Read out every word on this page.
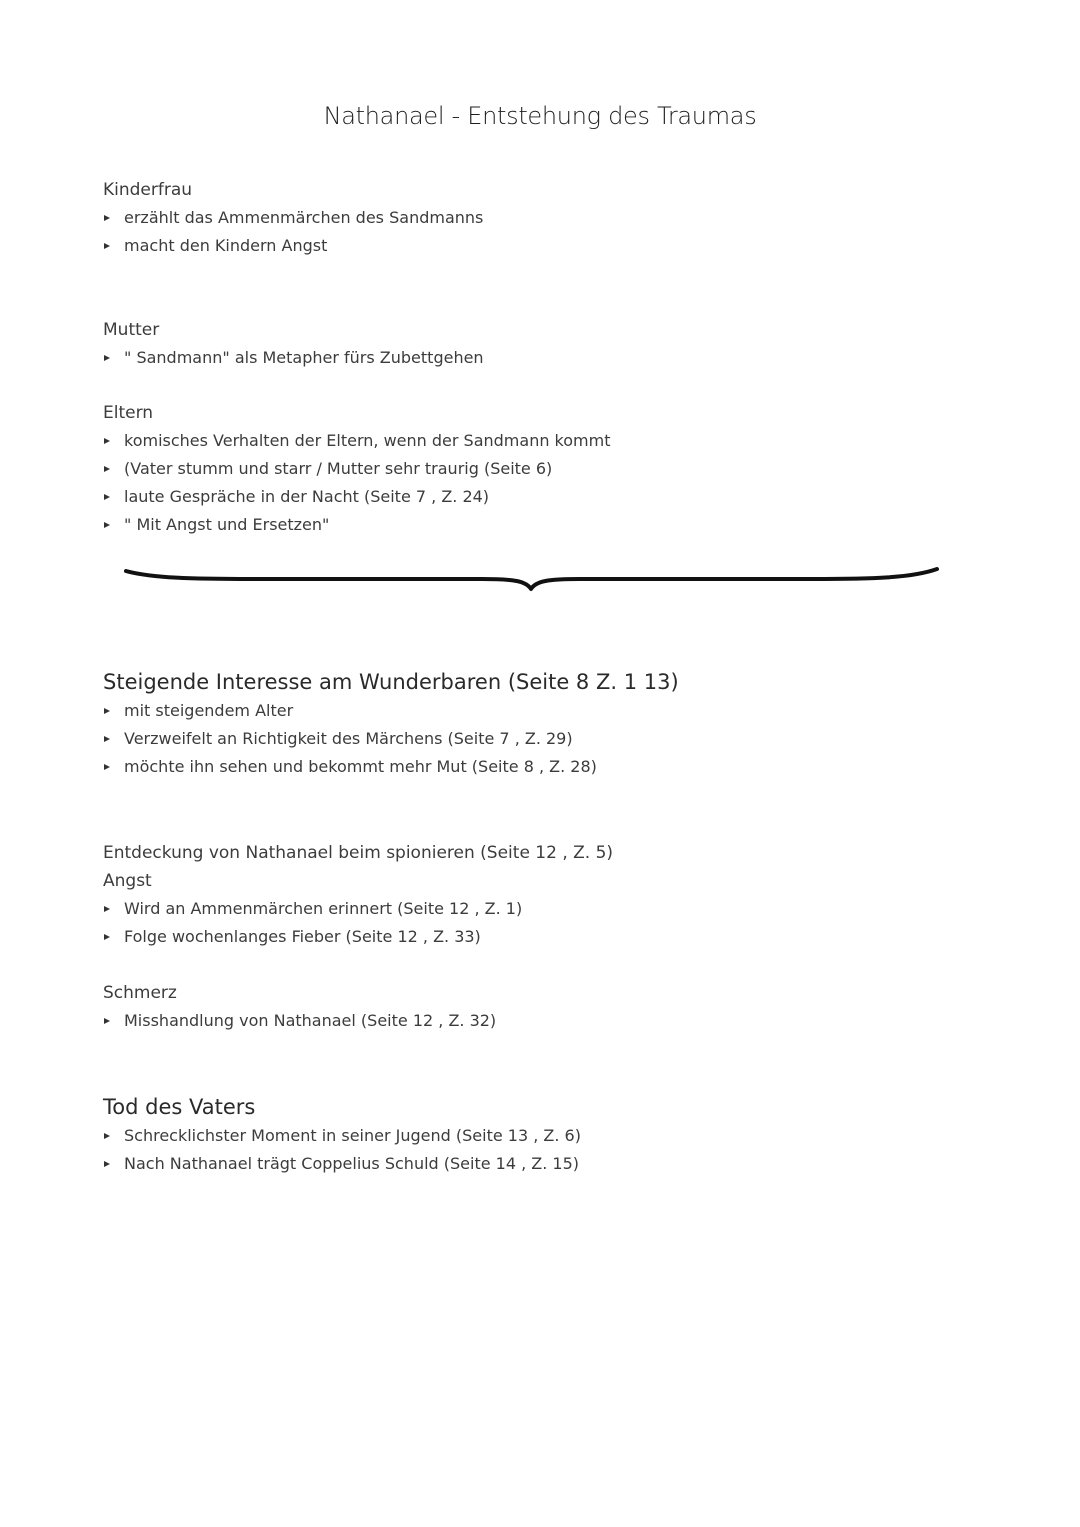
Nathanael - Entstehung des Traumas
Kinderfrau
erzählt das Ammenmärchen des Sandmanns
macht den Kindern Angst
Mutter
" Sandmann" als Metapher fürs Zubettgehen
Eltern
komisches Verhalten der Eltern, wenn der Sandmann kommt
(Vater stumm und starr / Mutter sehr traurig (Seite 6)
laute Gespräche in der Nacht (Seite 7 , Z. 24)
" Mit Angst und Ersetzen"
Steigende Interesse am Wunderbaren (Seite 8 Z. 1 13)
mit steigendem Alter
Verzweifelt an Richtigkeit des Märchens (Seite 7 , Z. 29)
möchte ihn sehen und bekommt mehr Mut (Seite 8 , Z. 28)
Entdeckung von Nathanael beim spionieren (Seite 12 , Z. 5)
Angst
Wird an Ammenmärchen erinnert (Seite 12 , Z. 1)
Folge wochenlanges Fieber (Seite 12 , Z. 33)
Schmerz
Misshandlung von Nathanael (Seite 12 , Z. 32)
Tod des Vaters
Schrecklichster Moment in seiner Jugend (Seite 13 , Z. 6)
Nach Nathanael trägt Coppelius Schuld (Seite 14 , Z. 15)
